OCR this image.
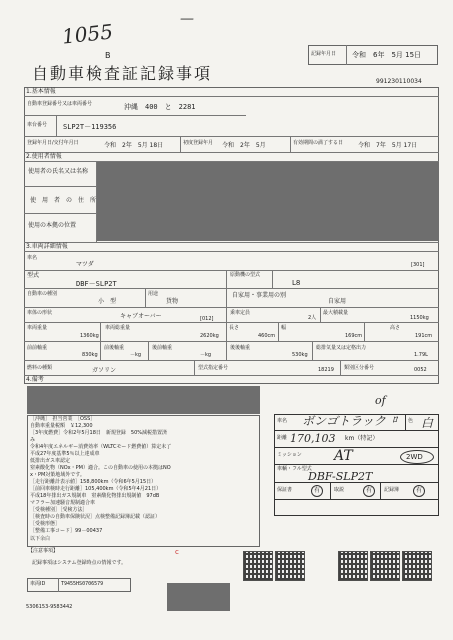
1055
—
B	記録年月日 令和　6年　5月 15日
自動車検査証記録事項	991230110034
1.基本情報
自動車登録番号又は車両番号	沖縄　400　と　2281
車台番号 SLP2T－119356
登録年月日/交付年月日	令和　2年　5月 18日	初度登録年月 令和　2年　5月	有効期間の満了する日 令和　7年　5月 17日
2.使用者情報
使用者の氏名又は名称
使　用　者　の　住　所
使用の本拠の位置
3.車両詳細情報
車名
マツダ	[301]
型式
DBF－SLP2T
原動機の型式
L8
自動車の種別
小　型
用途
貨物
自家用・事業用の別
自家用
車体の形状	キャブオーバー	[012]
乗車定員
2人
最大積載量
1150kg
車両重量
1360kg
車両総重量
2620kg
長さ
460cm
幅
169cm
高さ
191cm
前前軸重
830kg
前後軸重
－kg
後前軸重
－kg
後後軸重
530kg
総排気量又は定格出力
1.79L
燃料の種類	ガソリン	型式指定番号	18219 類別区分番号	0052
4.備考
［沖縄］　担当営業　［OSS］
自動車重量税額　￥12,300
［3年度燃費］令和2年5月18日　新規登録　50%減税措置済
み
令和4年度エネルギー消費効率（WLTCモード燃費値）算定未了
平成27年度基準5％以上達成車
低排出ガス車認定
窒素酸化物（NOx・PM）適合。この自動車の使用の本拠はNO
x・PM対策地域外です。
［走行距離計表示値］158,800km（令和6年5月15日）
［前回車検時走行距離］105,400km（令和5年4月21日）
平成18年排出ガス規制車　窒素酸化物排出規制値　97dB
マフラー加速騒音規制適合車
［受検種別］［受検方法］
［検査時の自動車保険状況］点検整備記録簿記載（認証）
［受検形態］
［整備工事コード］99－00437
以下余白
of
車名 ボンゴトラック	色 白
ﾛ
距離 170,103 km（特記）
ミッション AT	2WD
車輌・フル型式
DBF-SLP2T
保証書	有	取説	有 記録簿	有
【注意事項】
記録事項はシステム登録時点の情報です。
c
車両ID	T9455HS0706579
5306153-9583442
